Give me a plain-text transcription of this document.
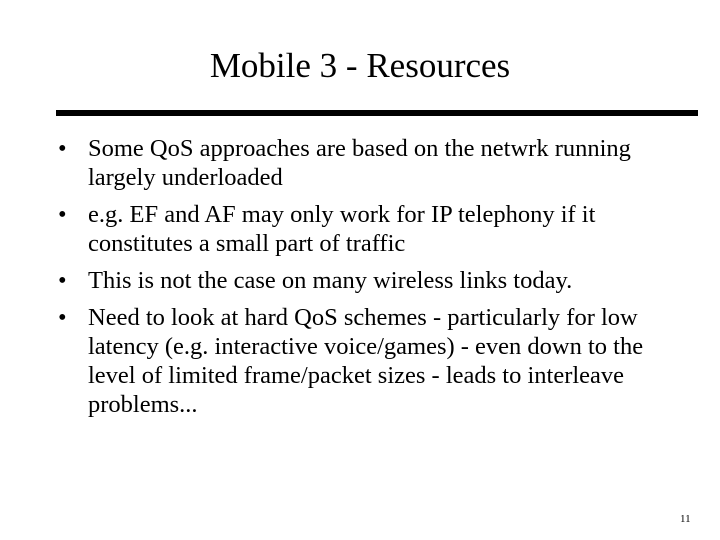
Mobile 3 - Resources
• Some QoS approaches are based on the netwrk running largely underloaded
• e.g. EF and AF may only work for IP telephony if it constitutes a small part of traffic
• This is not the case on many wireless links today.
• Need to look at hard QoS schemes - particularly for low latency (e.g. interactive voice/games) - even down to the level of limited frame/packet sizes - leads to interleave problems...
11
